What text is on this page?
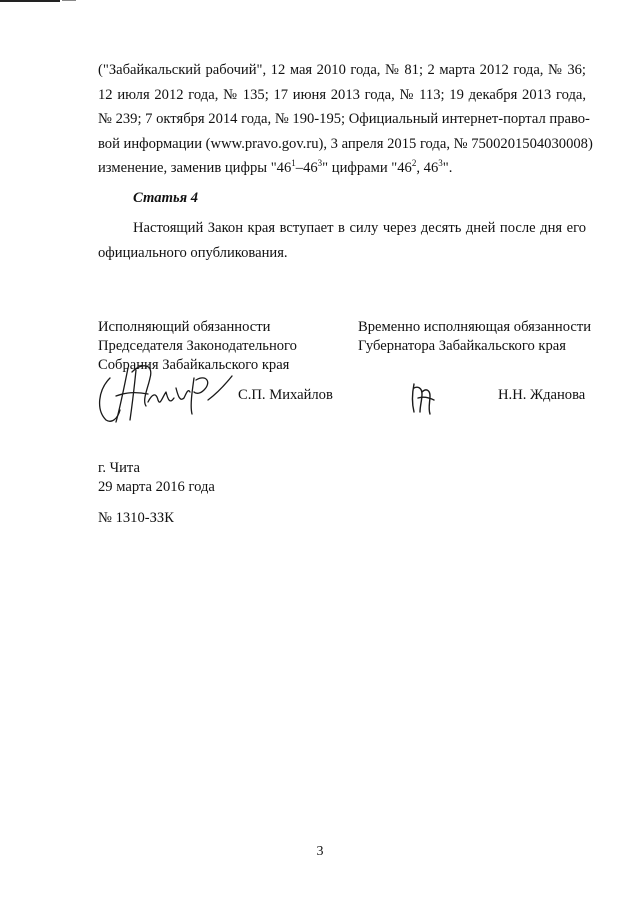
("Забайкальский рабочий", 12 мая 2010 года, № 81; 2 марта 2012 года, № 36;
12 июля 2012 года, № 135; 17 июня 2013 года, № 113; 19 декабря 2013 года,
№ 239; 7 октября 2014 года, № 190-195; Официальный интернет-портал право-
вой информации (www.pravo.gov.ru), 3 апреля 2015 года, № 7500201504030008)
изменение, заменив цифры "$46^1-46^3$" цифрами "$46^2$, $46^3$".
Статья 4
Настоящий Закон края вступает в силу через десять дней после дня его
официального опубликования.
Исполняющий обязанности
Председателя Законодательного
Собрания Забайкальского края
С.П. Михайлов
Временно исполняющая обязанности
Губернатора Забайкальского края
Н.Н. Жданова
г. Чита
29 марта 2016 года
№ 1310-ЗЗК
3
